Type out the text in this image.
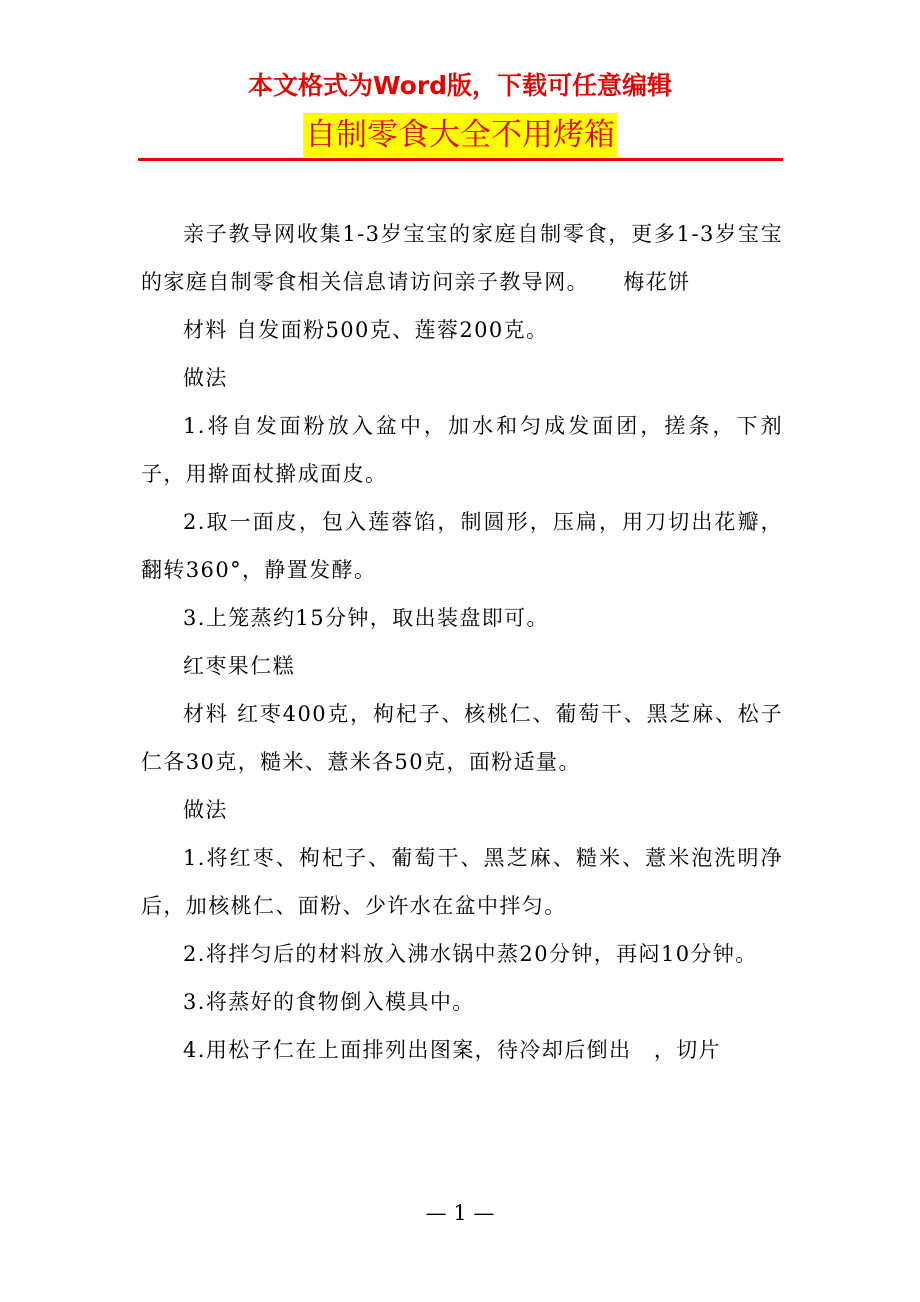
本文格式为Word版，下载可任意编辑
自制零食大全不用烤箱

亲子教导网收集1-3岁宝宝的家庭自制零食，更多1-3岁宝宝的家庭自制零食相关信息请访问亲子教导网。　　梅花饼

材料 自发面粉500克、莲蓉200克。

做法

1.将自发面粉放入盆中，加水和匀成发面团，搓条，下剂子，用擀面杖擀成面皮。

2.取一面皮，包入莲蓉馅，制圆形，压扁，用刀切出花瓣，翻转360°，静置发酵。

3.上笼蒸约15分钟，取出装盘即可。

红枣果仁糕

材料 红枣400克，枸杞子、核桃仁、葡萄干、黑芝麻、松子仁各30克，糙米、薏米各50克，面粉适量。

做法

1.将红枣、枸杞子、葡萄干、黑芝麻、糙米、薏米泡洗明净后，加核桃仁、面粉、少许水在盆中拌匀。

2.将拌匀后的材料放入沸水锅中蒸20分钟，再闷10分钟。

3.将蒸好的食物倒入模具中。

4.用松子仁在上面排列出图案，待冷却后倒出　，切片

— 1 —
